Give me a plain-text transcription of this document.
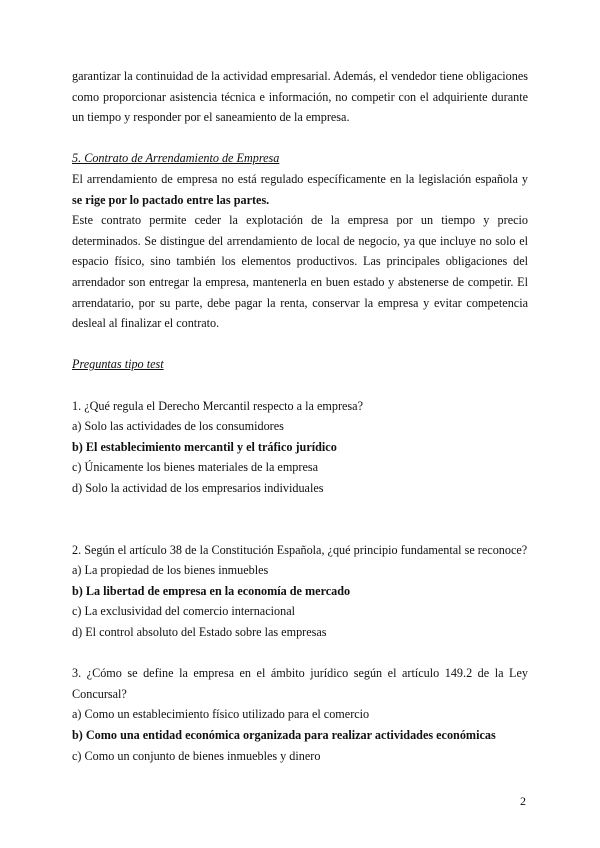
garantizar la continuidad de la actividad empresarial. Además, el vendedor tiene obligaciones como proporcionar asistencia técnica e información, no competir con el adquiriente durante un tiempo y responder por el saneamiento de la empresa.

5. Contrato de Arrendamiento de Empresa

El arrendamiento de empresa no está regulado específicamente en la legislación española y se rige por lo pactado entre las partes.

Este contrato permite ceder la explotación de la empresa por un tiempo y precio determinados. Se distingue del arrendamiento de local de negocio, ya que incluye no solo el espacio físico, sino también los elementos productivos. Las principales obligaciones del arrendador son entregar la empresa, mantenerla en buen estado y abstenerse de competir. El arrendatario, por su parte, debe pagar la renta, conservar la empresa y evitar competencia desleal al finalizar el contrato.

Preguntas tipo test

1. ¿Qué regula el Derecho Mercantil respecto a la empresa?

a) Solo las actividades de los consumidores

b) El establecimiento mercantil y el tráfico jurídico

c) Únicamente los bienes materiales de la empresa

d) Solo la actividad de los empresarios individuales

2. Según el artículo 38 de la Constitución Española, ¿qué principio fundamental se reconoce?

a) La propiedad de los bienes inmuebles

b) La libertad de empresa en la economía de mercado

c) La exclusividad del comercio internacional

d) El control absoluto del Estado sobre las empresas

3. ¿Cómo se define la empresa en el ámbito jurídico según el artículo 149.2 de la Ley Concursal?

a) Como un establecimiento físico utilizado para el comercio

b) Como una entidad económica organizada para realizar actividades económicas

c) Como un conjunto de bienes inmuebles y dinero

2
